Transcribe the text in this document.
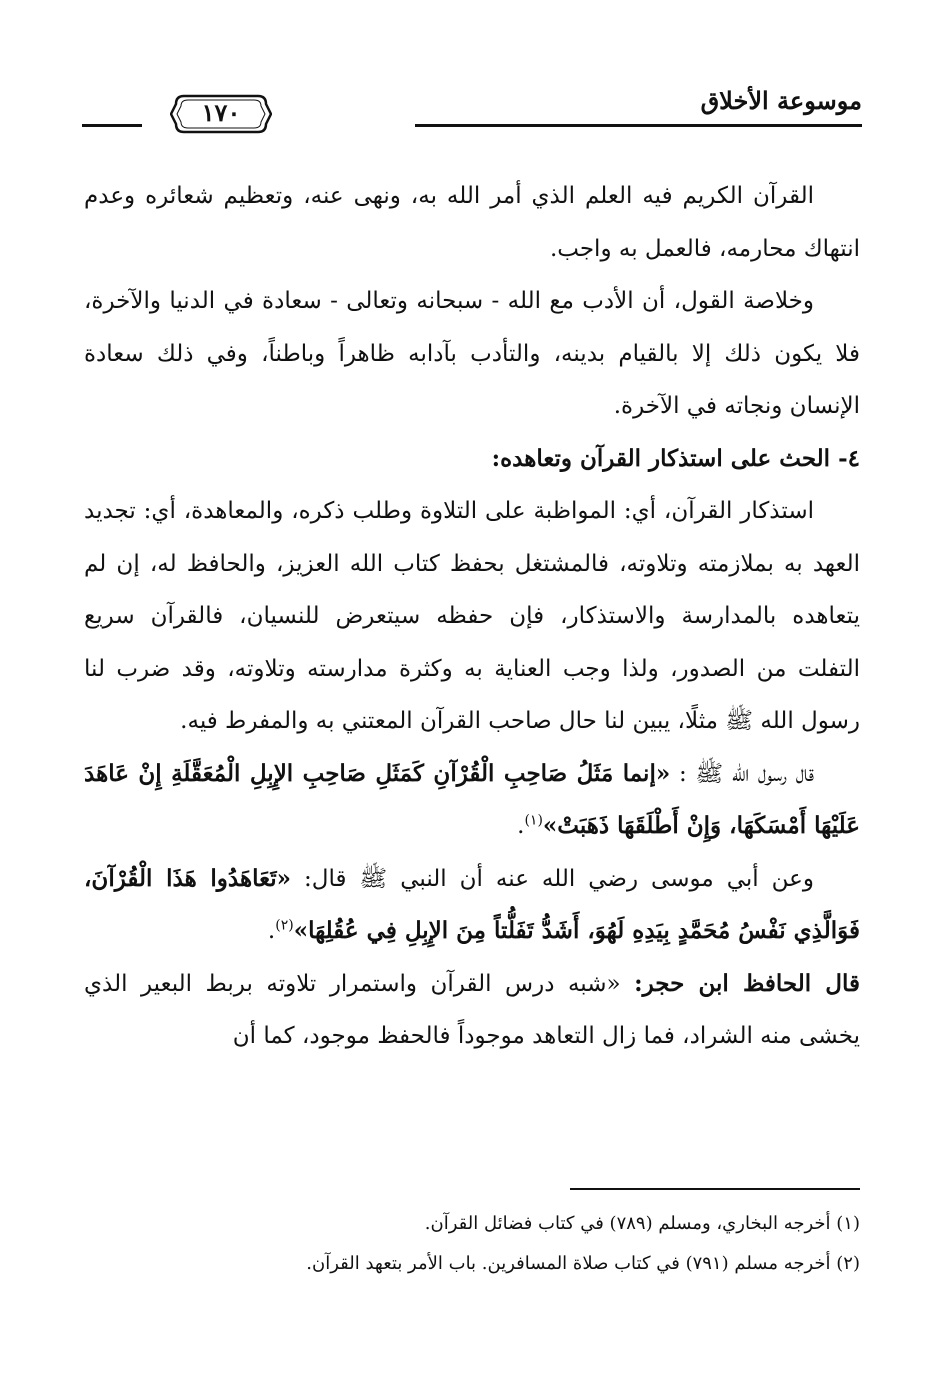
موسوعة الأخلاق
١٧٠

القرآن الكريم فيه العلم الذي أمر الله به، ونهى عنه، وتعظيم شعائره وعدم انتهاك محارمه، فالعمل به واجب.

وخلاصة القول، أن الأدب مع الله - سبحانه وتعالى - سعادة في الدنيا والآخرة، فلا يكون ذلك إلا بالقيام بدينه، والتأدب بآدابه ظاهراً وباطناً، وفي ذلك سعادة الإنسان ونجاته في الآخرة.

٤- الحث على استذكار القرآن وتعاهده:

استذكار القرآن، أي: المواظبة على التلاوة وطلب ذكره، والمعاهدة، أي: تجديد العهد به بملازمته وتلاوته، فالمشتغل بحفظ كتاب الله العزيز، والحافظ له، إن لم يتعاهده بالمدارسة والاستذكار، فإن حفظه سيتعرض للنسيان، فالقرآن سريع التفلت من الصدور، ولذا وجب العناية به وكثرة مدارسته وتلاوته، وقد ضرب لنا رسول الله ﷺ مثلًا، يبين لنا حال صاحب القرآن المعتني به والمفرط فيه.

قال رسول الله ﷺ : «إنما مَثَلُ صَاحِبِ الْقُرْآنِ كَمَثَلِ صَاحِبِ الإِبِلِ الْمُعَقَّلَةِ إِنْ عَاهَدَ عَلَيْهَا أَمْسَكَهَا، وَإِنْ أَطْلَقَهَا ذَهَبَتْ»$^{(١)}$.

وعن أبي موسى رضي الله عنه أن النبي ﷺ قال: «تَعَاهَدُوا هَذَا الْقُرْآنَ، فَوَالَّذِي نَفْسُ مُحَمَّدٍ بِيَدِهِ لَهُوَ، أَشَدُّ تَفَلُّتاً مِنَ الإِبِلِ فِي عُقُلِهَا»$^{(٢)}$.

قال الحافظ ابن حجر: «شبه درس القرآن واستمرار تلاوته بربط البعير الذي يخشى منه الشراد، فما زال التعاهد موجوداً فالحفظ موجود، كما أن

(١) أخرجه البخاري، ومسلم (٧٨٩) في كتاب فضائل القرآن.

(٢) أخرجه مسلم (٧٩١) في كتاب صلاة المسافرين. باب الأمر بتعهد القرآن.
